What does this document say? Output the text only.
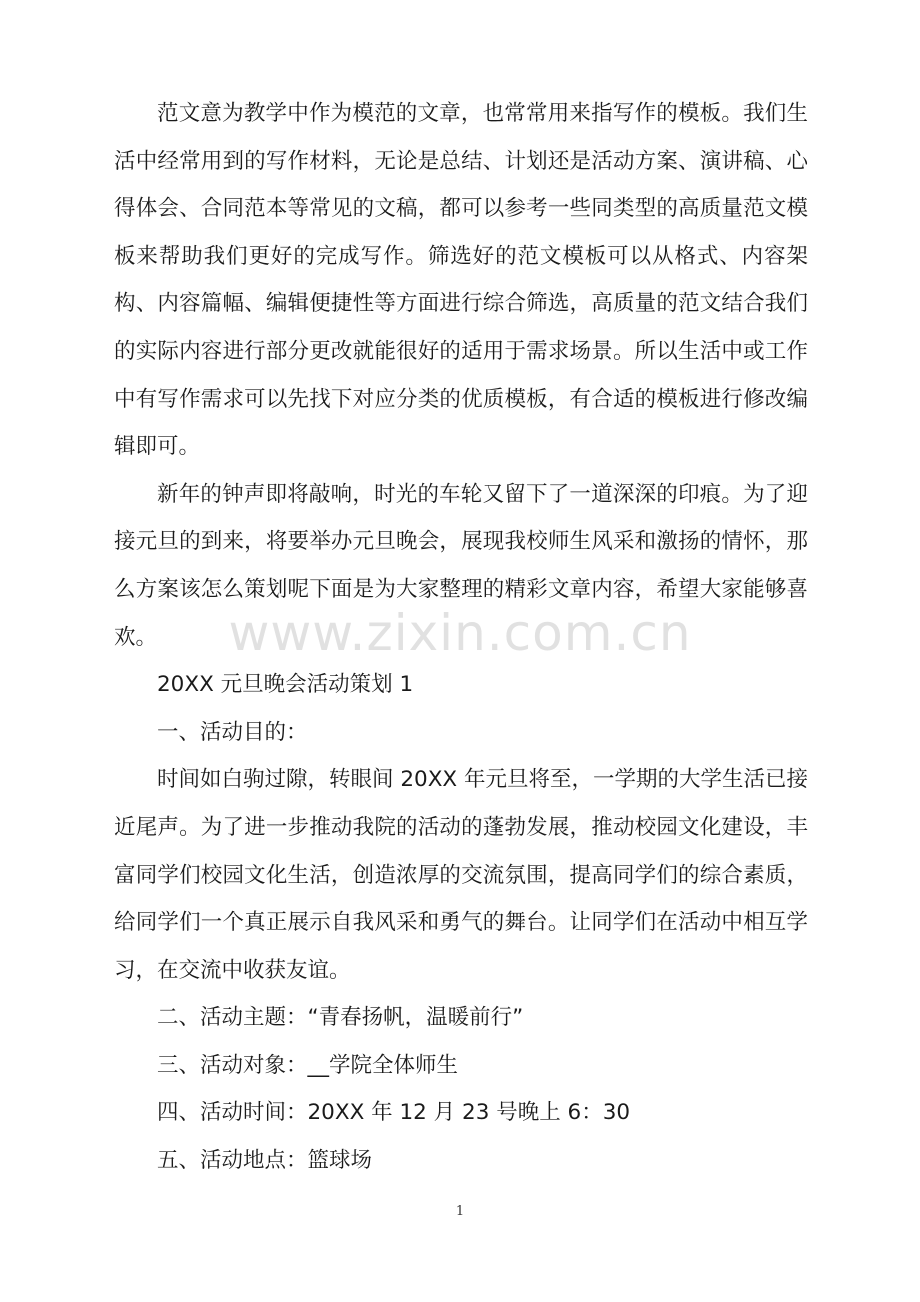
范文意为教学中作为模范的文章，也常常用来指写作的模板。我们生活中经常用到的写作材料，无论是总结、计划还是活动方案、演讲稿、心得体会、合同范本等常见的文稿，都可以参考一些同类型的高质量范文模板来帮助我们更好的完成写作。筛选好的范文模板可以从格式、内容架构、内容篇幅、编辑便捷性等方面进行综合筛选，高质量的范文结合我们的实际内容进行部分更改就能很好的适用于需求场景。所以生活中或工作中有写作需求可以先找下对应分类的优质模板，有合适的模板进行修改编辑即可。

新年的钟声即将敲响，时光的车轮又留下了一道深深的印痕。为了迎接元旦的到来，将要举办元旦晚会，展现我校师生风采和激扬的情怀，那么方案该怎么策划呢下面是为大家整理的精彩文章内容，希望大家能够喜欢。

20XX 元旦晚会活动策划 1

一、活动目的：

时间如白驹过隙，转眼间 20XX 年元旦将至，一学期的大学生活已接近尾声。为了进一步推动我院的活动的蓬勃发展，推动校园文化建设，丰富同学们校园文化生活，创造浓厚的交流氛围，提高同学们的综合素质，给同学们一个真正展示自我风采和勇气的舞台。让同学们在活动中相互学习，在交流中收获友谊。

二、活动主题：“青春扬帆，温暖前行”

三、活动对象：__学院全体师生

四、活动时间：20XX 年 12 月 23 号晚上 6：30

五、活动地点：篮球场

www.zixin.com.cn
1
